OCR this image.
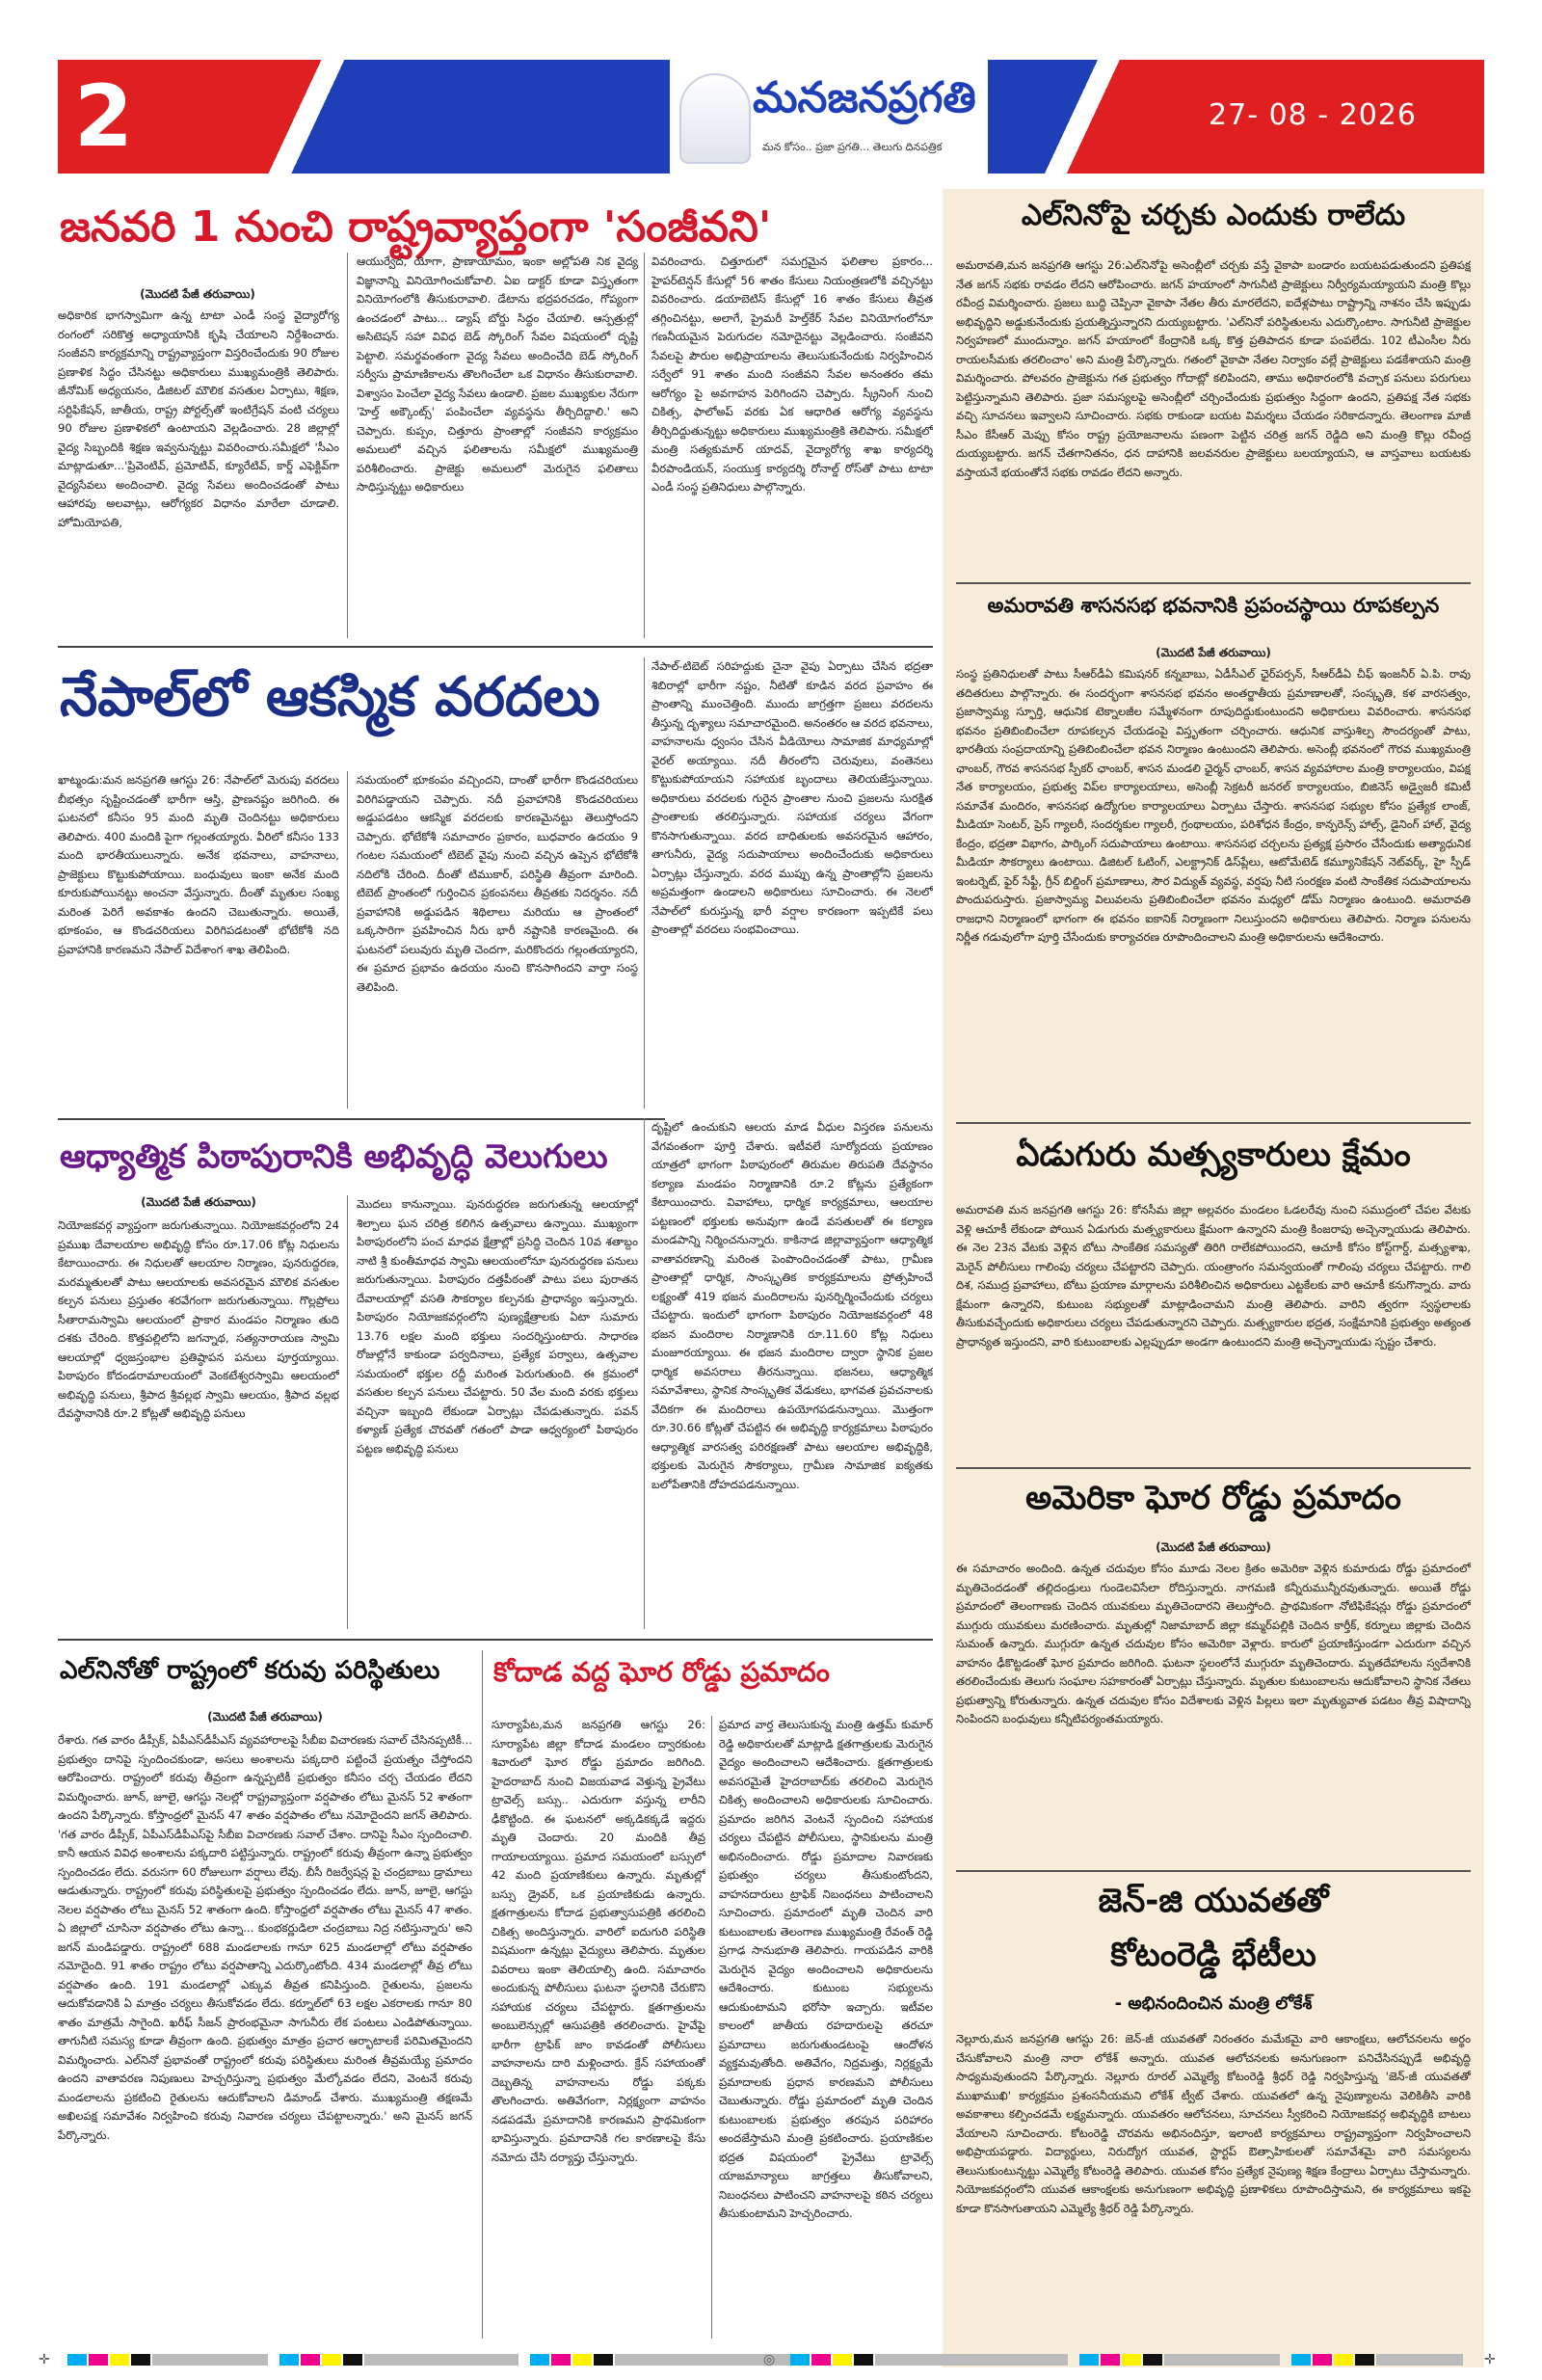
2	మనజనప్రగతి
మన కోసం.. ప్రజా ప్రగతి... తెలుగు దినపత్రిక
27- 08 - 2026
జనవరి 1 నుంచి రాష్ట్రవ్యాప్తంగా 'సంజీవని'
(మొదటి పేజీ తరువాయి)
అధికారిక భాగస్వామిగా ఉన్న టాటా ఎండీ సంస్థ వైద్యారోగ్య రంగంలో సరికొత్త అధ్యాయానికి కృషి చేయాలని నిర్దేశించారు. సంజీవని కార్యక్రమాన్ని రాష్ట్రవ్యాప్తంగా విస్తరించేందుకు 90 రోజుల ప్రణాళిక సిద్ధం చేసినట్టు అధికారులు ముఖ్యమంత్రికి తెలిపారు. జీనోమిక్ అధ్యయనం, డిజిటల్ మౌలిక వసతుల ఏర్పాటు, శిక్షణ, సర్టిఫికేషన్, జాతీయ, రాష్ట్ర పోర్టల్స్‌తో ఇంటిగ్రేషన్ వంటి చర్యలు 90 రోజుల ప్రణాళికలో ఉంటాయని వెల్లడించారు. 28 జిల్లాల్లో వైద్య సిబ్బందికి శిక్షణ ఇవ్వనున్నట్టు వివరించారు.సమీక్షలో 'సీఎం మాట్లాడుతూ...'ప్రివెంటివ్, ప్రమోటివ్, క్యూరేటివ్, కార్డ్ ఎఫెక్టివ్‌గా వైద్యసేవలు అందించాలి. వైద్య సేవలు అందించడంతో పాటు ఆహారపు అలవాట్లు, ఆరోగ్యకర విధానం మారేలా చూడాలి. హోమియోపతి,
ఆయుర్వేద, యోగా, ప్రాణాయామం, ఇంకా అల్లోపతి నిక వైద్య విజ్ఞానాన్ని వినియోగించుకోవాలి. ఏఐ డాక్టర్ కూడా విస్తృతంగా వినియోగంలోకి తీసుకురావాలి. డేటాను భద్రపరచడం, గోప్యంగా ఉంచడంలో పాటు... డ్యాష్ బోర్డు సిద్ధం చేయాలి. ఆస్పత్రుల్లో అసిటెషన్ సహా వివిధ బెడ్ స్కోరింగ్ సేవల విషయంలో దృష్టి పెట్టాలి. సమర్థవంతంగా వైద్య సేవలు అందించేది బెడ్ స్కోరింగ్ సర్వీసు ప్రామాణికాలను తొలగించేలా ఒక విధానం తీసుకురావాలి. విశ్వాసం పెంచేలా వైద్య సేవలు ఉండాలి. ప్రజల ముఖ్యకుల నేరుగా 'హెల్త్ అక్కౌంట్స్' పంపించేలా వ్యవస్థను తీర్చిదిద్దాలి.' అని చెప్పారు. కుప్పం, చిత్తూరు ప్రాంతాల్లో సంజీవని కార్యక్రమం అమలులో వచ్చిన ఫలితాలను సమీక్షలో ముఖ్యమంత్రి పరిశీలించారు. ప్రాజెక్టు అమలులో మెరుగైన ఫలితాలు సాధిస్తున్నట్టు అధికారులు
వివరించారు. చిత్తూరులో సమగ్రమైన ఫలితాల ప్రకారం... హైపర్‌టెన్షన్ కేసుల్లో 56 శాతం కేసులు నియంత్రణలోకి వచ్చినట్టు వివరించారు. డయాబెటిస్ కేసుల్లో 16 శాతం కేసులు తీవ్రత తగ్గించినట్టు, అలాగే, ప్రైమరీ హెల్త్‌కేర్ సేవల వినియోగంలోనూ గణనీయమైన పెరుగుదల నమోదైనట్టు వెల్లడించారు. సంజీవని సేవలపై పౌరుల అభిప్రాయాలను తెలుసుకునేందుకు నిర్వహించిన సర్వేలో 91 శాతం మంది సంజీవని సేవల అనంతరం తమ ఆరోగ్యం పై అవగాహన పెరిగిందని చెప్పారు. స్క్రీనింగ్ నుంచి చికిత్స, ఫాలోఅప్ వరకు ఏక ఆధారిత ఆరోగ్య వ్యవస్థను తీర్చిదిద్దుతున్నట్టు అధికారులు ముఖ్యమంత్రికి తెలిపారు. సమీక్షలో మంత్రి సత్యకుమార్ యాదవ్, వైద్యారోగ్య శాఖ కార్యదర్శి వీరపాండియన్, సంయుక్త కార్యదర్శి రోనాల్డ్ రోస్‌తో పాటు టాటా ఎండీ సంస్థ ప్రతినిధులు పాల్గొన్నారు.
నేపాల్‌లో ఆకస్మిక వరదలు
ఖాట్మండు:మన జనప్రగతి ఆగస్టు 26: నేపాల్‌లో మెరుపు వరదలు బీభత్సం సృష్టించడంతో భారీగా ఆస్తి, ప్రాణనష్టం జరిగింది. ఈ ఘటనలో కనీసం 95 మంది మృతి చెందినట్టు అధికారులు తెలిపారు. 400 మందికి పైగా గల్లంతయ్యారు. వీరిలో కనీసం 133 మంది భారతీయులున్నారు. అనేక భవనాలు, వాహనాలు, ప్రాజెక్టులు కొట్టుకుపోయాయి. బంధువులు ఇంకా అనేక మంది కూరుకుపోయినట్టు అంచనా వేస్తున్నారు. దీంతో మృతుల సంఖ్య మరింత పెరిగే అవకాశం ఉందని చెబుతున్నారు. అయితే, భూకంపం, ఆ కొండచరియలు విరిగిపడటంతో భోటేకోశీ నది ప్రవాహానికి కారణమని నేపాల్ విదేశాంగ శాఖ తెలిపింది.
సమయంలో భూకంపం వచ్చిందని, దాంతో భారీగా కొండచరియలు విరిగిపడ్డాయని చెప్పారు. నదీ ప్రవాహానికి కొండచరియలు అడ్డుపడటం ఆకస్మిక వరదలకు కారణమైనట్టు తెలుస్తోందని చెప్పారు. భోటేకోశీ సమాచారం ప్రకారం, బుధవారం ఉదయం 9 గంటల సమయంలో టిబెట్ వైపు నుంచి వచ్చిన ఉప్పెన భోటేకోశీ నదిలోకి చేరింది. దీంతో టిముకార్, పరిస్థితి తీవ్రంగా మారింది. టిబెట్ ప్రాంతంలో గుర్తించిన ప్రకంపనలు తీవ్రతకు నిదర్శనం. నదీ ప్రవాహానికి అడ్డుపడిన శిథిలాలు మరియు ఆ ప్రాంతంలో ఒక్కసారిగా ప్రవహించిన నీరు భారీ నష్టానికి కారణమైంది. ఈ ఘటనలో పలువురు మృతి చెందగా, మరికొందరు గల్లంతయ్యారని, ఈ ప్రమాద ప్రభావం ఉదయం నుంచి కొనసాగిందని వార్తా సంస్థ తెలిపింది.
నేపాల్-టిబెట్ సరిహద్దుకు చైనా వైపు ఏర్పాటు చేసిన భద్రతా శిబిరాల్లో భారీగా నష్టం, నీటితో కూడిన వరద ప్రవాహం ఈ ప్రాంతాన్ని ముంచెత్తింది. ముందు జాగ్రత్తగా ప్రజలు వరదలను తీస్తున్న దృశ్యాలు సమాచారమైంది. అనంతరం ఆ వరద భవనాలు, వాహనాలను ధ్వంసం చేసిన వీడియోలు సామాజిక మాధ్యమాల్లో వైరల్ అయ్యాయి. నదీ తీరంలోని చెరువులు, వంతెనలు కొట్టుకుపోయాయని సహాయక బృందాలు తెలియజేస్తున్నాయి. అధికారులు వరదలకు గురైన ప్రాంతాల నుంచి ప్రజలను సురక్షిత ప్రాంతాలకు తరలిస్తున్నారు. సహాయక చర్యలు వేగంగా కొనసాగుతున్నాయి. వరద బాధితులకు అవసరమైన ఆహారం, తాగునీరు, వైద్య సదుపాయాలు అందించేందుకు అధికారులు ఏర్పాట్లు చేస్తున్నారు. వరద ముప్పు ఉన్న ప్రాంతాల్లోని ప్రజలను అప్రమత్తంగా ఉండాలని అధికారులు సూచించారు. ఈ నెలలో నేపాల్‌లో కురుస్తున్న భారీ వర్షాల కారణంగా ఇప్పటికే పలు ప్రాంతాల్లో వరదలు సంభవించాయి.
ఆధ్యాత్మిక పిఠాపురానికి అభివృద్ధి వెలుగులు
(మొదటి పేజీ తరువాయి)
నియోజకవర్గ వ్యాప్తంగా జరుగుతున్నాయి. నియోజకవర్గంలోని 24 ప్రముఖ దేవాలయాల అభివృద్ధి కోసం రూ.17.06 కోట్ల నిధులను కేటాయించారు. ఈ నిధులతో ఆలయాల నిర్మాణం, పునరుద్ధరణ, మరమ్మతులతో పాటు ఆలయాలకు అవసరమైన మౌలిక వసతుల కల్పన పనులు ప్రస్తుతం శరవేగంగా జరుగుతున్నాయి. గొల్లప్రోలు సీతారామస్వామి ఆలయంలో ప్రాకార మండపం నిర్మాణం తుది దశకు చేరింది. కొత్తపల్లిలోని జగన్నాథ, సత్యనారాయణ స్వామి ఆలయాల్లో ధ్వజస్తంభాల ప్రతిష్ఠాపన పనులు పూర్తయ్యాయి. పిఠాపురం కోదండరామాలయంలో వెంకటేశ్వరస్వామి ఆలయంలో అభివృద్ధి పనులు, శ్రీపాద శ్రీవల్లభ స్వామి ఆలయం, శ్రీపాద వల్లభ దేవస్థానానికి రూ.2 కోట్లతో అభివృద్ధి పనులు
మొదలు కానున్నాయి. పునరుద్ధరణ జరుగుతున్న ఆలయాల్లో శిల్పాలు ఘన చరిత్ర కలిగిన ఉత్సవాలు ఉన్నాయి. ముఖ్యంగా పిఠాపురంలోని పంచ మాధవ క్షేత్రాల్లో ప్రసిద్ధి చెందిన 10వ శతాబ్దం నాటి శ్రీ కుంతీమాధవ స్వామి ఆలయంలోనూ పునరుద్ధరణ పనులు జరుగుతున్నాయి. పిఠాపురం దత్తపీఠంతో పాటు పలు పురాతన దేవాలయాల్లో వసతి సౌకర్యాల కల్పనకు ప్రాధాన్యం ఇస్తున్నారు. పిఠాపురం నియోజకవర్గంలోని పుణ్యక్షేత్రాలకు ఏటా సుమారు 13.76 లక్షల మంది భక్తులు సందర్శిస్తుంటారు. సాధారణ రోజుల్లోనే కాకుండా పర్వదినాలు, ప్రత్యేక పర్వాలు, ఉత్సవాల సమయంలో భక్తుల రద్దీ మరింత పెరుగుతుంది. ఈ క్రమంలో వసతుల కల్పన పనులు చేపట్టారు. 50 వేల మంది వరకు భక్తులు వచ్చినా ఇబ్బంది లేకుండా ఏర్పాట్లు చేపడుతున్నారు. పవన్ కళ్యాణ్ ప్రత్యేక చొరవతో గతంలో పాడా ఆధ్వర్యంలో పిఠాపురం పట్టణ అభివృద్ధి పనులు
దృష్టిలో ఉంచుకుని ఆలయ మాడ వీధుల విస్తరణ పనులను వేగవంతంగా పూర్తి చేశారు. ఇటీవలే సూర్యోదయ ప్రయాణం యాత్రలో భాగంగా పిఠాపురంలో తిరుమల తిరుపతి దేవస్థానం కల్యాణ మండపం నిర్మాణానికి రూ.2 కోట్లను ప్రత్యేకంగా కేటాయించారు. వివాహాలు, ధార్మిక కార్యక్రమాలు, ఆలయాల పట్టణంలో భక్తులకు అనువుగా ఉండే వసతులతో ఈ కల్యాణ మండపాన్ని నిర్మించనున్నారు. కాకినాడ జిల్లావ్యాప్తంగా ఆధ్యాత్మిక వాతావరణాన్ని మరింత పెంపొందించడంతో పాటు, గ్రామీణ ప్రాంతాల్లో ధార్మిక, సాంస్కృతిక కార్యక్రమాలను ప్రోత్సహించే లక్ష్యంతో 419 భజన మందిరాలను పునర్నిర్మించేందుకు చర్యలు చేపట్టారు. ఇందులో భాగంగా పిఠాపురం నియోజకవర్గంలో 48 భజన మందిరాల నిర్మాణానికి రూ.11.60 కోట్ల నిధులు మంజూరయ్యాయి. ఈ భజన మందిరాల ద్వారా స్థానిక ప్రజల ధార్మిక అవసరాలు తీరనున్నాయి. భజనలు, ఆధ్యాత్మిక సమావేశాలు, స్థానిక సాంస్కృతిక వేడుకలు, భాగవత ప్రవచనాలకు వేదికగా ఈ మందిరాలు ఉపయోగపడనున్నాయి. మొత్తంగా రూ.30.66 కోట్లతో చేపట్టిన ఈ అభివృద్ధి కార్యక్రమాలు పిఠాపురం ఆధ్యాత్మిక వారసత్వ పరిరక్షణతో పాటు ఆలయాల అభివృద్ధికి, భక్తులకు మెరుగైన సౌకర్యాలు, గ్రామీణ సామాజిక ఐక్యతకు బలోపేతానికి దోహదపడనున్నాయి.
ఎల్‌నినోతో రాష్ట్రంలో కరువు పరిస్థితులు
(మొదటి పేజీ తరువాయి)
రేశారు. గత వారం డీప్సీక్, ఏపీఎస్‌డీపీఎస్ వ్యవహారాలపై సీబీఐ విచారణకు సవాల్ చేసినప్పటికీ... ప్రభుత్వం దానిపై స్పందించకుండా, అసలు అంశాలను పక్కదారి పట్టించే ప్రయత్నం చేస్తోందని ఆరోపించారు. రాష్ట్రంలో కరువు తీవ్రంగా ఉన్నప్పటికీ ప్రభుత్వం కనీసం చర్చ చేయడం లేదని విమర్శించారు. జూన్, జూలై, ఆగస్టు నెలల్లో రాష్ట్రవ్యాప్తంగా వర్షపాతం లోటు మైనస్ 52 శాతంగా ఉందని పేర్కొన్నారు. కోస్తాంధ్రలో మైనస్ 47 శాతం వర్షపాతం లోటు నమోదైందని జగన్ తెలిపారు. 'గత వారం డీప్సీక్, ఏపీఎస్‌డీపీఎస్‌పై సీబీఐ విచారణకు సవాల్ చేశాం. దానిపై సీఎం స్పందించాలి. కానీ ఆయన వివిధ అంశాలను పక్కదారి పట్టిస్తున్నారు. రాష్ట్రంలో కరువు తీవ్రంగా ఉన్నా ప్రభుత్వం స్పందించడం లేదు. వరుసగా 60 రోజులుగా వర్షాలు లేవు. బీసీ రిజర్వేషన్ల పై చంద్రబాబు డ్రామాలు ఆడుతున్నారు. రాష్ట్రంలో కరువు పరిస్థితులపై ప్రభుత్వం స్పందించడం లేదు. జూన్, జూలై, ఆగస్టు నెలల వర్షపాతం లోటు మైనస్ 52 శాతంగా ఉంది. కోస్తాంధ్రలో వర్షపాతం లోటు మైనస్ 47 శాతం. ఏ జిల్లాలో చూసినా వర్షపాతం లోటు ఉన్నా... కుంభకర్ణుడిలా చంద్రబాబు నిద్ర నటిస్తున్నారు' అని జగన్ మండిపడ్డారు. రాష్ట్రంలో 688 మండలాలకు గానూ 625 మండలాల్లో లోటు వర్షపాతం నమోదైంది. 91 శాతం రాష్ట్రం లోటు వర్షపాతాన్ని ఎదుర్కొంటోంది. 434 మండలాల్లో తీవ్ర లోటు వర్షపాతం ఉంది. 191 మండలాల్లో ఎక్కువ తీవ్రత కనిపిస్తుంది. రైతులను, ప్రజలను ఆదుకోవడానికి ఏ మాత్రం చర్యలు తీసుకోవడం లేదు. కర్నూల్‌లో 63 లక్షల ఎకరాలకు గానూ 80 శాతం మాత్రమే సాగైంది. ఖరీఫ్ సీజన్ ప్రారంభమైనా సాగునీరు లేక పంటలు ఎండిపోతున్నాయి. తాగునీటి సమస్య కూడా తీవ్రంగా ఉంది. ప్రభుత్వం మాత్రం ప్రచార ఆర్భాటాలకే పరిమితమైందని విమర్శించారు. ఎల్‌నినో ప్రభావంతో రాష్ట్రంలో కరువు పరిస్థితులు మరింత తీవ్రమయ్యే ప్రమాదం ఉందని వాతావరణ నిపుణులు హెచ్చరిస్తున్నా ప్రభుత్వం మేల్కోవడం లేదని, వెంటనే కరువు మండలాలను ప్రకటించి రైతులను ఆదుకోవాలని డిమాండ్ చేశారు. ముఖ్యమంత్రి తక్షణమే అఖిలపక్ష సమావేశం నిర్వహించి కరువు నివారణ చర్యలు చేపట్టాలన్నారు.' అని మైనస్ జగన్ పేర్కొన్నారు.
కోదాడ వద్ద ఘోర రోడ్డు ప్రమాదం
సూర్యాపేట,మన జనప్రగతి ఆగస్టు 26: సూర్యాపేట జిల్లా కోదాడ మండలం ద్వారకుంట శివారులో ఘోర రోడ్డు ప్రమాదం జరిగింది. హైదరాబాద్ నుంచి విజయవాడ వెళ్తున్న ప్రైవేటు ట్రావెల్స్ బస్సు.. ఎదురుగా వస్తున్న లారీని ఢీకొట్టింది. ఈ ఘటనలో అక్కడికక్కడే ఇద్దరు మృతి చెందారు. 20 మందికి తీవ్ర గాయాలయ్యాయి. ప్రమాద సమయంలో బస్సులో 42 మంది ప్రయాణికులు ఉన్నారు. మృతుల్లో బస్సు డ్రైవర్, ఒక ప్రయాణికుడు ఉన్నారు. క్షతగాత్రులను కోదాడ ప్రభుత్వాసుపత్రికి తరలించి చికిత్స అందిస్తున్నారు. వారిలో ఐదుగురి పరిస్థితి విషమంగా ఉన్నట్లు వైద్యులు తెలిపారు. మృతుల వివరాలు ఇంకా తెలియాల్సి ఉంది. సమాచారం అందుకున్న పోలీసులు ఘటనా స్థలానికి చేరుకొని సహాయక చర్యలు చేపట్టారు. క్షతగాత్రులను అంబులెన్సుల్లో ఆసుపత్రికి తరలించారు. హైవేపై భారీగా ట్రాఫిక్ జాం కావడంతో పోలీసులు వాహనాలను దారి మళ్లించారు. క్రేన్ సహాయంతో దెబ్బతిన్న వాహనాలను రోడ్డు పక్కకు తొలగించారు. అతివేగంగా, నిర్లక్ష్యంగా వాహనం నడపడమే ప్రమాదానికి కారణమని ప్రాథమికంగా భావిస్తున్నారు. ప్రమాదానికి గల కారణాలపై కేసు నమోదు చేసి దర్యాప్తు చేస్తున్నారు.
ప్రమాద వార్త తెలుసుకున్న మంత్రి ఉత్తమ్ కుమార్ రెడ్డి అధికారులతో మాట్లాడి క్షతగాత్రులకు మెరుగైన వైద్యం అందించాలని ఆదేశించారు. క్షతగాత్రులకు అవసరమైతే హైదరాబాద్‌కు తరలించి మెరుగైన చికిత్స అందించాలని అధికారులకు సూచించారు. ప్రమాదం జరిగిన వెంటనే స్పందించి సహాయక చర్యలు చేపట్టిన పోలీసులు, స్థానికులను మంత్రి అభినందించారు. రోడ్డు ప్రమాదాల నివారణకు ప్రభుత్వం చర్యలు తీసుకుంటోందని, వాహనదారులు ట్రాఫిక్ నిబంధనలు పాటించాలని సూచించారు. ప్రమాదంలో మృతి చెందిన వారి కుటుంబాలకు తెలంగాణ ముఖ్యమంత్రి రేవంత్ రెడ్డి ప్రగాఢ సానుభూతి తెలిపారు. గాయపడిన వారికి మెరుగైన వైద్యం అందించాలని అధికారులను ఆదేశించారు. కుటుంబ సభ్యులను ఆదుకుంటామని భరోసా ఇచ్చారు. ఇటీవల కాలంలో జాతీయ రహదారులపై తరచూ ప్రమాదాలు జరుగుతుండటంపై ఆందోళన వ్యక్తమవుతోంది. అతివేగం, నిద్రమత్తు, నిర్లక్ష్యమే ప్రమాదాలకు ప్రధాన కారణమని పోలీసులు చెబుతున్నారు. రోడ్డు ప్రమాదంలో మృతి చెందిన కుటుంబాలకు ప్రభుత్వం తరపున పరిహారం అందజేస్తామని మంత్రి ప్రకటించారు. ప్రయాణికుల భద్రత విషయంలో ప్రైవేటు ట్రావెల్స్ యాజమాన్యాలు జాగ్రత్తలు తీసుకోవాలని, నిబంధనలు పాటించని వాహనాలపై కఠిన చర్యలు తీసుకుంటామని హెచ్చరించారు.
ఎల్‌నినోపై చర్చకు ఎందుకు రాలేదు
అమరావతి,మన జనప్రగతి ఆగస్టు 26:ఎల్‌నినోపై అసెంబ్లీలో చర్చకు వస్తే వైకాపా బండారం బయటపడుతుందని ప్రతిపక్ష నేత జగన్ సభకు రావడం లేదని ఆరోపించారు. జగన్ హయాంలో సాగునీటి ప్రాజెక్టులు నిర్వీర్యమయ్యాయని మంత్రి కొల్లు రవీంద్ర విమర్శించారు. ప్రజలు బుద్ధి చెప్పినా వైకాపా నేతల తీరు మారలేదని, ఐదేళ్లపాటు రాష్ట్రాన్ని నాశనం చేసి ఇప్పుడు అభివృద్ధిని అడ్డుకునేందుకు ప్రయత్నిస్తున్నారని దుయ్యబట్టారు. 'ఎల్‌నినో పరిస్థితులను ఎదుర్కొంటాం. సాగునీటి ప్రాజెక్టుల నిర్వహణలో ముందున్నాం. జగన్ హయాంలో కేంద్రానికి ఒక్క కొత్త ప్రతిపాదన కూడా పంపలేదు. 102 టీఎంసీల నీరు రాయలసీమకు తరలించాం' అని మంత్రి పేర్కొన్నారు. గతంలో వైకాపా నేతల నిర్వాకం వల్లే ప్రాజెక్టులు పడకేశాయని మంత్రి విమర్శించారు. పోలవరం ప్రాజెక్టును గత ప్రభుత్వం గోదాట్లో కలిపిందని, తాము అధికారంలోకి వచ్చాక పనులు పరుగులు పెట్టిస్తున్నామని తెలిపారు. ప్రజా సమస్యలపై అసెంబ్లీలో చర్చించేందుకు ప్రభుత్వం సిద్ధంగా ఉందని, ప్రతిపక్ష నేత సభకు వచ్చి సూచనలు ఇవ్వాలని సూచించారు. సభకు రాకుండా బయట విమర్శలు చేయడం సరికాదన్నారు. తెలంగాణ మాజీ సీఎం కేసీఆర్ మెప్పు కోసం రాష్ట్ర ప్రయోజనాలను పణంగా పెట్టిన చరిత్ర జగన్ రెడ్డిది అని మంత్రి కొల్లు రవీంద్ర దుయ్యబట్టారు. జగన్ చేతగానితనం, ధన దాహానికి జలవనరుల ప్రాజెక్టులు బలయ్యాయని, ఆ వాస్తవాలు బయటకు వస్తాయనే భయంతోనే సభకు రావడం లేదని అన్నారు.
అమరావతి శాసనసభ భవనానికి ప్రపంచస్థాయి రూపకల్పన
(మొదటి పేజీ తరువాయి)
సంస్థ ప్రతినిధులతో పాటు సీఆర్‌డీఏ కమిషనర్ కన్నబాబు, ఏడీసీఎల్ ఛైర్‌పర్సన్, సీఆర్‌డీఏ చీఫ్ ఇంజనీర్ ఏ.పి. రావు తదితరులు పాల్గొన్నారు. ఈ సందర్భంగా శాసనసభ భవనం అంతర్జాతీయ ప్రమాణాలతో, సంస్కృతి, కళ వారసత్వం, ప్రజాస్వామ్య స్ఫూర్తి, ఆధునిక టెక్నాలజీల సమ్మేళనంగా రూపుదిద్దుకుంటుందని అధికారులు వివరించారు. శాసనసభ భవనం ప్రతిబింబించేలా రూపకల్పన చేయడంపై విస్తృతంగా చర్చించారు. ఆధునిక వాస్తుశిల్ప సౌందర్యంతో పాటు, భారతీయ సంప్రదాయాన్ని ప్రతిబింబించేలా భవన నిర్మాణం ఉంటుందని తెలిపారు. అసెంబ్లీ భవనంలో గౌరవ ముఖ్యమంత్రి ఛాంబర్, గౌరవ శాసనసభ స్పీకర్ ఛాంబర్, శాసన మండలి ఛైర్మన్ ఛాంబర్, శాసన వ్యవహారాల మంత్రి కార్యాలయం, విపక్ష నేత కార్యాలయం, ప్రభుత్వ విప్‌ల కార్యాలయాలు, అసెంబ్లీ సెక్రటరీ జనరల్ కార్యాలయం, బిజినెస్ అడ్వైజరీ కమిటీ సమావేశ మందిరం, శాసనసభ ఉద్యోగుల కార్యాలయాలు ఏర్పాటు చేస్తారు. శాసనసభ సభ్యుల కోసం ప్రత్యేక లాంజ్, మీడియా సెంటర్, ప్రెస్ గ్యాలరీ, సందర్శకుల గ్యాలరీ, గ్రంథాలయం, పరిశోధన కేంద్రం, కాన్ఫరెన్స్ హాల్స్, డైనింగ్ హాల్, వైద్య కేంద్రం, భద్రతా విభాగం, పార్కింగ్ సదుపాయాలు ఉంటాయి. శాసనసభ చర్చలను ప్రత్యక్ష ప్రసారం చేసేందుకు అత్యాధునిక మీడియా సౌకర్యాలు ఉంటాయి. డిజిటల్ ఓటింగ్, ఎలక్ట్రానిక్ డిస్‌ప్లేలు, ఆటోమేటెడ్ కమ్యూనికేషన్ నెట్‌వర్క్, హై స్పీడ్ ఇంటర్నెట్, ఫైర్ సేఫ్టీ, గ్రీన్ బిల్డింగ్ ప్రమాణాలు, సౌర విద్యుత్ వ్యవస్థ, వర్షపు నీటి సంరక్షణ వంటి సాంకేతిక సదుపాయాలను పొందుపరుస్తారు. ప్రజాస్వామ్య విలువలను ప్రతిబింబించేలా భవనం మధ్యలో డోమ్ నిర్మాణం ఉంటుంది. అమరావతి రాజధాని నిర్మాణంలో భాగంగా ఈ భవనం ఐకానిక్ నిర్మాణంగా నిలుస్తుందని అధికారులు తెలిపారు. నిర్మాణ పనులను నిర్ణీత గడువులోగా పూర్తి చేసేందుకు కార్యాచరణ రూపొందించాలని మంత్రి అధికారులను ఆదేశించారు.
ఏడుగురు మత్స్యకారులు క్షేమం
అమరావతి మన జనప్రగతి ఆగస్టు 26: కోనసీమ జిల్లా అల్లవరం మండలం ఓడలరేవు నుంచి సముద్రంలో చేపల వేటకు వెళ్లి ఆచూకీ లేకుండా పోయిన ఏడుగురు మత్స్యకారులు క్షేమంగా ఉన్నారని మంత్రి కింజరాపు అచ్చెన్నాయుడు తెలిపారు. ఈ నెల 23న వేటకు వెళ్లిన బోటు సాంకేతిక సమస్యతో తిరిగి రాలేకపోయిందని, ఆచూకీ కోసం కోస్ట్‌గార్డ్, మత్స్యశాఖ, మెరైన్ పోలీసులు గాలింపు చర్యలు చేపట్టారని చెప్పారు. యంత్రాంగం సమన్వయంతో గాలింపు చర్యలు చేపట్టారు. గాలి దిశ, సముద్ర ప్రవాహాలు, బోటు ప్రయాణ మార్గాలను పరిశీలించిన అధికారులు ఎట్టకేలకు వారి ఆచూకీ కనుగొన్నారు. వారు క్షేమంగా ఉన్నారని, కుటుంబ సభ్యులతో మాట్లాడించామని మంత్రి తెలిపారు. వారిని త్వరగా స్వస్థలాలకు తీసుకువచ్చేందుకు అధికారులు చర్యలు చేపడుతున్నారని చెప్పారు. మత్స్యకారుల భద్రత, సంక్షేమానికి ప్రభుత్వం అత్యంత ప్రాధాన్యత ఇస్తుందని, వారి కుటుంబాలకు ఎల్లప్పుడూ అండగా ఉంటుందని మంత్రి అచ్చెన్నాయుడు స్పష్టం చేశారు.
అమెరికా ఘోర రోడ్డు ప్రమాదం
(మొదటి పేజీ తరువాయి)
ఈ సమాచారం అందింది. ఉన్నత చదువుల కోసం మూడు నెలల క్రితం అమెరికా వెళ్లిన కుమారుడు రోడ్డు ప్రమాదంలో మృతిచెందడంతో తల్లిదండ్రులు గుండెలవిసేలా రోదిస్తున్నారు. నాగమణి కన్నీరుమున్నీరవుతున్నారు. అయితే రోడ్డు ప్రమాదంలో తెలంగాణకు చెందిన యువకులు మృతిచెందారని తెలుస్తోంది. ప్రాథమికంగా నోటిఫికేషన్లు రోడ్డు ప్రమాదంలో ముగ్గురు యువకులు మరణించారు. మృతుల్లో నిజామాబాద్ జిల్లా కమ్మర్‌పల్లికి చెందిన కార్తీక్, కర్నూలు జిల్లాకు చెందిన సుమంత్ ఉన్నారు. ముగ్గురూ ఉన్నత చదువుల కోసం అమెరికా వెళ్లారు. కారులో ప్రయాణిస్తుండగా ఎదురుగా వచ్చిన వాహనం ఢీకొట్టడంతో ఘోర ప్రమాదం జరిగింది. ఘటనా స్థలంలోనే ముగ్గురూ మృతిచెందారు. మృతదేహాలను స్వదేశానికి తరలించేందుకు తెలుగు సంఘాల సహకారంతో ఏర్పాట్లు చేస్తున్నారు. మృతుల కుటుంబాలను ఆదుకోవాలని స్థానిక నేతలు ప్రభుత్వాన్ని కోరుతున్నారు. ఉన్నత చదువుల కోసం విదేశాలకు వెళ్లిన పిల్లలు ఇలా మృత్యువాత పడటం తీవ్ర విషాదాన్ని నింపిందని బంధువులు కన్నీటిపర్యంతమయ్యారు.
జెన్-జి యువతతో
కోటంరెడ్డి భేటీలు
- అభినందించిన మంత్రి లోకేశ్
నెల్లూరు,మన జనప్రగతి ఆగస్టు 26: జెన్-జీ యువతతో నిరంతరం మమేకమై వారి ఆకాంక్షలు, ఆలోచనలను అర్థం చేసుకోవాలని మంత్రి నారా లోకేశ్ అన్నారు. యువత ఆలోచనలకు అనుగుణంగా పనిచేసినప్పుడే అభివృద్ధి సాధ్యమవుతుందని పేర్కొన్నారు. నెల్లూరు రూరల్ ఎమ్మెల్యే కోటంరెడ్డి శ్రీధర్ రెడ్డి నిర్వహిస్తున్న 'జెన్-జీ యువతతో ముఖాముఖి' కార్యక్రమం ప్రశంసనీయమని లోకేశ్ ట్వీట్ చేశారు. యువతలో ఉన్న నైపుణ్యాలను వెలికితీసి వారికి అవకాశాలు కల్పించడమే లక్ష్యమన్నారు. యువతరం ఆలోచనలు, సూచనలు స్వీకరించి నియోజకవర్గ అభివృద్ధికి బాటలు వేయాలని సూచించారు. కోటంరెడ్డి చొరవను అభినందిస్తూ, ఇలాంటి కార్యక్రమాలు రాష్ట్రవ్యాప్తంగా నిర్వహించాలని అభిప్రాయపడ్డారు. విద్యార్థులు, నిరుద్యోగ యువత, స్టార్టప్ ఔత్సాహికులతో సమావేశమై వారి సమస్యలను తెలుసుకుంటున్నట్టు ఎమ్మెల్యే కోటంరెడ్డి తెలిపారు. యువత కోసం ప్రత్యేక నైపుణ్య శిక్షణ కేంద్రాలు ఏర్పాటు చేస్తామన్నారు. నియోజకవర్గంలోని యువత ఆకాంక్షలకు అనుగుణంగా అభివృద్ధి ప్రణాళికలు రూపొందిస్తామని, ఈ కార్యక్రమాలు ఇకపై కూడా కొనసాగుతాయని ఎమ్మెల్యే శ్రీధర్ రెడ్డి పేర్కొన్నారు.
✛	◎	✛
